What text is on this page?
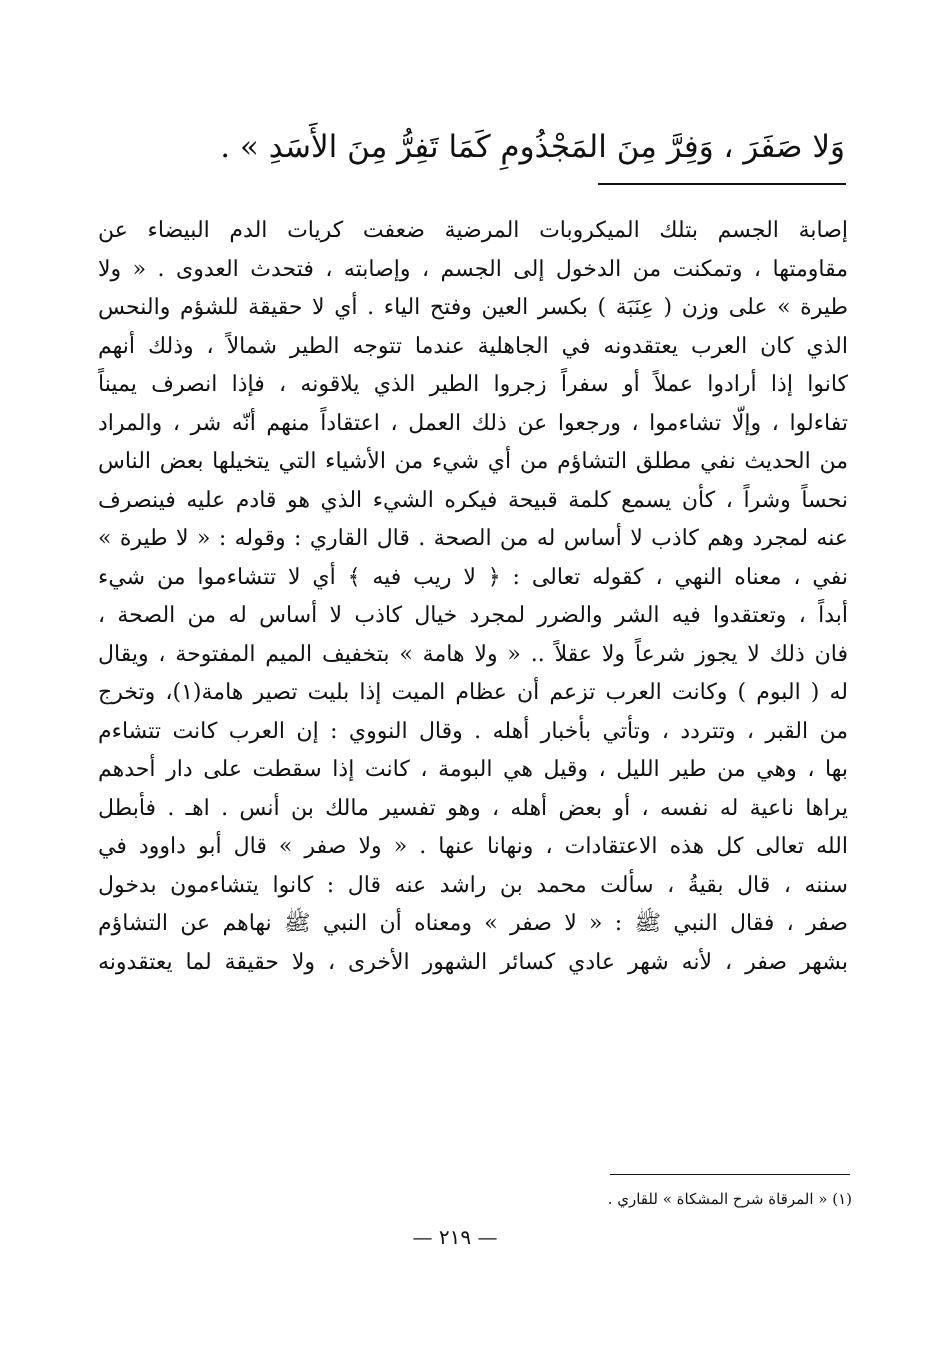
وَلا صَفَرَ ، وَفِرَّ مِنَ المَجْذُومِ كَمَا تَفِرُّ مِنَ الأَسَدِ » .
إصابة الجسم بتلك الميكروبات المرضية ضعفت كريات الدم البيضاء عن
مقاومتها ، وتمكنت من الدخول إلى الجسم ، وإصابته ، فتحدث العدوى . « ولا
طيرة » على وزن ( عِنَبَة ) بكسر العين وفتح الياء . أي لا حقيقة للشؤم والنحس
الذي كان العرب يعتقدونه في الجاهلية عندما تتوجه الطير شمالاً ، وذلك أنهم
كانوا إذا أرادوا عملاً أو سفراً زجروا الطير الذي يلاقونه ، فإذا انصرف يميناً
تفاءلوا ، وإلّا تشاءموا ، ورجعوا عن ذلك العمل ، اعتقاداً منهم أنّه شر ، والمراد
من الحديث نفي مطلق التشاؤم من أي شيء من الأشياء التي يتخيلها بعض الناس
نحساً وشراً ، كأن يسمع كلمة قبيحة فيكره الشيء الذي هو قادم عليه فينصرف
عنه لمجرد وهم كاذب لا أساس له من الصحة . قال القاري : وقوله : « لا طيرة »
نفي ، معناه النهي ، كقوله تعالى : ﴿ لا ريب فيه ﴾ أي لا تتشاءموا من شيء
أبداً ، وتعتقدوا فيه الشر والضرر لمجرد خيال كاذب لا أساس له من الصحة ،
فان ذلك لا يجوز شرعاً ولا عقلاً .. « ولا هامة » بتخفيف الميم المفتوحة ، ويقال
له ( البوم ) وكانت العرب تزعم أن عظام الميت إذا بليت تصير هامة(١)، وتخرج
من القبر ، وتتردد ، وتأتي بأخبار أهله . وقال النووي : إن العرب كانت تتشاءم
بها ، وهي من طير الليل ، وقيل هي البومة ، كانت إذا سقطت على دار أحدهم
يراها ناعية له نفسه ، أو بعض أهله ، وهو تفسير مالك بن أنس . اهـ . فأبطل
الله تعالى كل هذه الاعتقادات ، ونهانا عنها . « ولا صفر » قال أبو داوود في
سننه ، قال بقيةُ ، سألت محمد بن راشد عنه قال : كانوا يتشاءمون بدخول
صفر ، فقال النبي ﷺ : « لا صفر » ومعناه أن النبي ﷺ نهاهم عن التشاؤم
بشهر صفر ، لأنه شهر عادي كسائر الشهور الأخرى ، ولا حقيقة لما يعتقدونه
(١) « المرقاة شرح المشكاة » للقاري .
— ٢١٩ —
